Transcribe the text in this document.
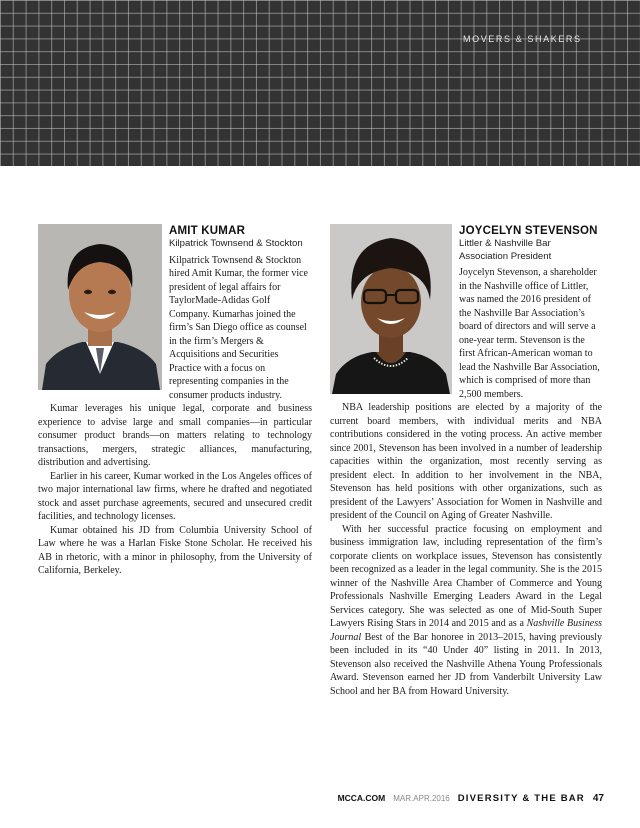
MOVERS & SHAKERS
AMIT KUMAR
Kilpatrick Townsend & Stockton

Kilpatrick Townsend & Stockton hired Amit Kumar, the former vice president of legal affairs for TaylorMade-Adidas Golf Company. Kumarhas joined the firm’s San Diego office as counsel in the firm’s Mergers & Acquisitions and Securities Practice with a focus on representing companies in the consumer products industry.

Kumar leverages his unique legal, corporate and business experience to advise large and small companies—in particular consumer product brands—on matters relating to technology transactions, mergers, strategic alliances, manufacturing, distribution and advertising.

Earlier in his career, Kumar worked in the Los Angeles offices of two major international law firms, where he drafted and negotiated stock and asset purchase agreements, secured and unsecured credit facilities, and technology licenses.

Kumar obtained his JD from Columbia University School of Law where he was a Harlan Fiske Stone Scholar. He received his AB in rhetoric, with a minor in philosophy, from the University of California, Berkeley.

JOYCELYN STEVENSON
Littler & Nashville Bar
Association President

Joycelyn Stevenson, a shareholder in the Nashville office of Littler, was named the 2016 president of the Nashville Bar Association’s board of directors and will serve a one-year term. Stevenson is the first African-American woman to lead the Nashville Bar Association, which is comprised of more than 2,500 members.

NBA leadership positions are elected by a majority of the current board members, with individual merits and NBA contributions considered in the voting process. An active member since 2001, Stevenson has been involved in a number of leadership capacities within the organization, most recently serving as president elect. In addition to her involvement in the NBA, Stevenson has held positions with other organizations, such as president of the Lawyers’ Association for Women in Nashville and president of the Council on Aging of Greater Nashville.

With her successful practice focusing on employment and business immigration law, including representation of the firm’s corporate clients on workplace issues, Stevenson has consistently been recognized as a leader in the legal community. She is the 2015 winner of the Nashville Area Chamber of Commerce and Young Professionals Nashville Emerging Leaders Award in the Legal Services category. She was selected as one of Mid-South Super Lawyers Rising Stars in 2014 and 2015 and as a Nashville Business Journal Best of the Bar honoree in 2013–2015, having previously been included in its “40 Under 40” listing in 2011. In 2013, Stevenson also received the Nashville Athena Young Professionals Award. Stevenson earned her JD from Vanderbilt University Law School and her BA from Howard University.

MCCA.COM MAR.APR.2016 DIVERSITY & THE BAR 47
